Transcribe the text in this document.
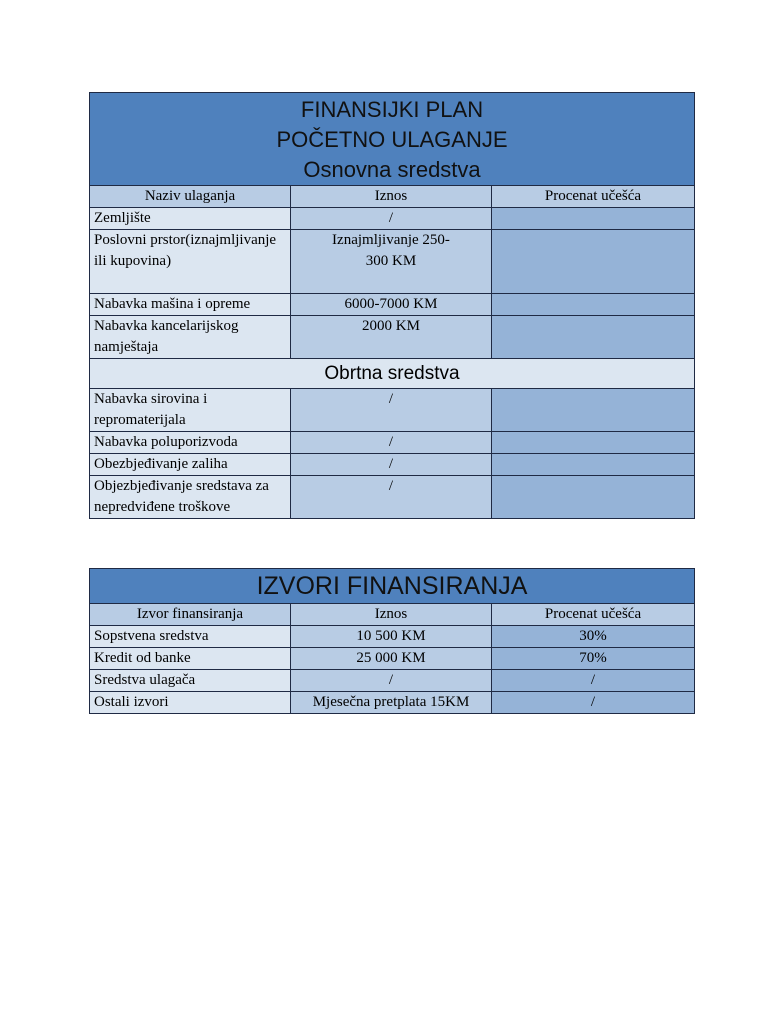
FINANSIJKI PLAN
POČETNO ULAGANJE
Osnovna sredstva		

Naziv ulaganja	Iznos	Procenat učešća
Zemljište	/	
Poslovni prstor(iznajmljivanje ili kupovina)	Iznajmljivanje 250-300 KM	
Nabavka mašina i opreme	6000-7000 KM	
Nabavka kancelarijskog namještaja	2000 KM	
Obrtna sredstva		
Nabavka sirovina i repromaterijala	/	
Nabavka poluporizvoda	/	
Obezbjeđivanje zaliha	/	
Objezbjeđivanje sredstava za nepredviđene troškove	/	
IZVORI FINANSIRANJA		
Izvor finansiranja	Iznos	Procenat učešća
Sopstvena sredstva	10 500 KM	30%
Kredit od banke	25 000 KM	70%
Sredstva ulagača	/	/
Ostali izvori	Mjesečna pretplata 15KM	/
